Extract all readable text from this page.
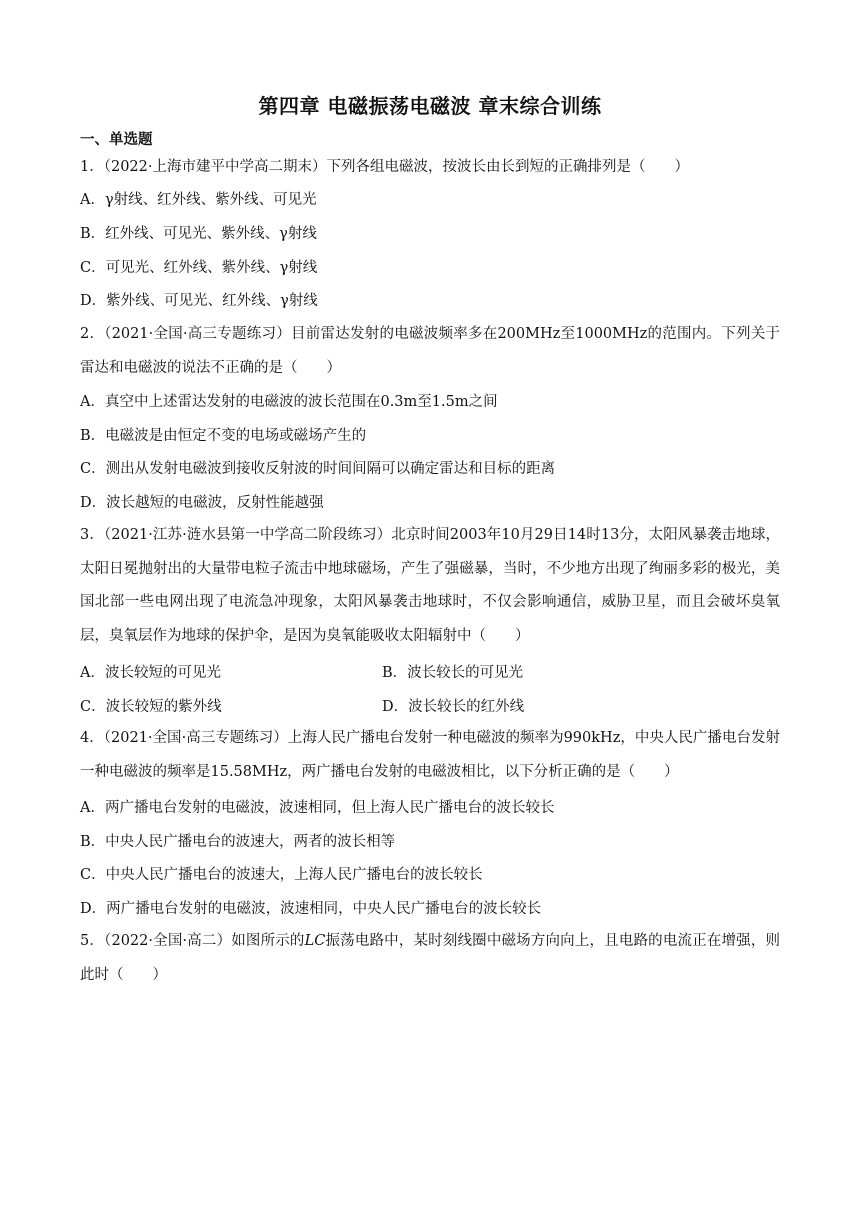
第四章 电磁振荡电磁波 章末综合训练
一、单选题
1．（2022·上海市建平中学高二期末）下列各组电磁波，按波长由长到短的正确排列是（　　）
A．γ射线、红外线、紫外线、可见光
B．红外线、可见光、紫外线、γ射线
C．可见光、红外线、紫外线、γ射线
D．紫外线、可见光、红外线、γ射线
2．（2021·全国·高三专题练习）目前雷达发射的电磁波频率多在200MHz至1000MHz的范围内。下列关于雷达和电磁波的说法不正确的是（　　）
A．真空中上述雷达发射的电磁波的波长范围在0.3m至1.5m之间
B．电磁波是由恒定不变的电场或磁场产生的
C．测出从发射电磁波到接收反射波的时间间隔可以确定雷达和目标的距离
D．波长越短的电磁波，反射性能越强
3．（2021·江苏·涟水县第一中学高二阶段练习）北京时间2003年10月29日14时13分，太阳风暴袭击地球，太阳日冕抛射出的大量带电粒子流击中地球磁场，产生了强磁暴，当时，不少地方出现了绚丽多彩的极光，美国北部一些电网出现了电流急冲现象，太阳风暴袭击地球时，不仅会影响通信，威胁卫星，而且会破坏臭氧层，臭氧层作为地球的保护伞，是因为臭氧能吸收太阳辐射中（　　）
A．波长较短的可见光	B．波长较长的可见光
C．波长较短的紫外线	D．波长较长的红外线
4．（2021·全国·高三专题练习）上海人民广播电台发射一种电磁波的频率为990kHz，中央人民广播电台发射一种电磁波的频率是15.58MHz，两广播电台发射的电磁波相比，以下分析正确的是（　　）
A．两广播电台发射的电磁波，波速相同，但上海人民广播电台的波长较长
B．中央人民广播电台的波速大，两者的波长相等
C．中央人民广播电台的波速大，上海人民广播电台的波长较长
D．两广播电台发射的电磁波，波速相同，中央人民广播电台的波长较长
5．（2022·全国·高二）如图所示的LC振荡电路中，某时刻线圈中磁场方向向上，且电路的电流正在增强，则此时（　　）
